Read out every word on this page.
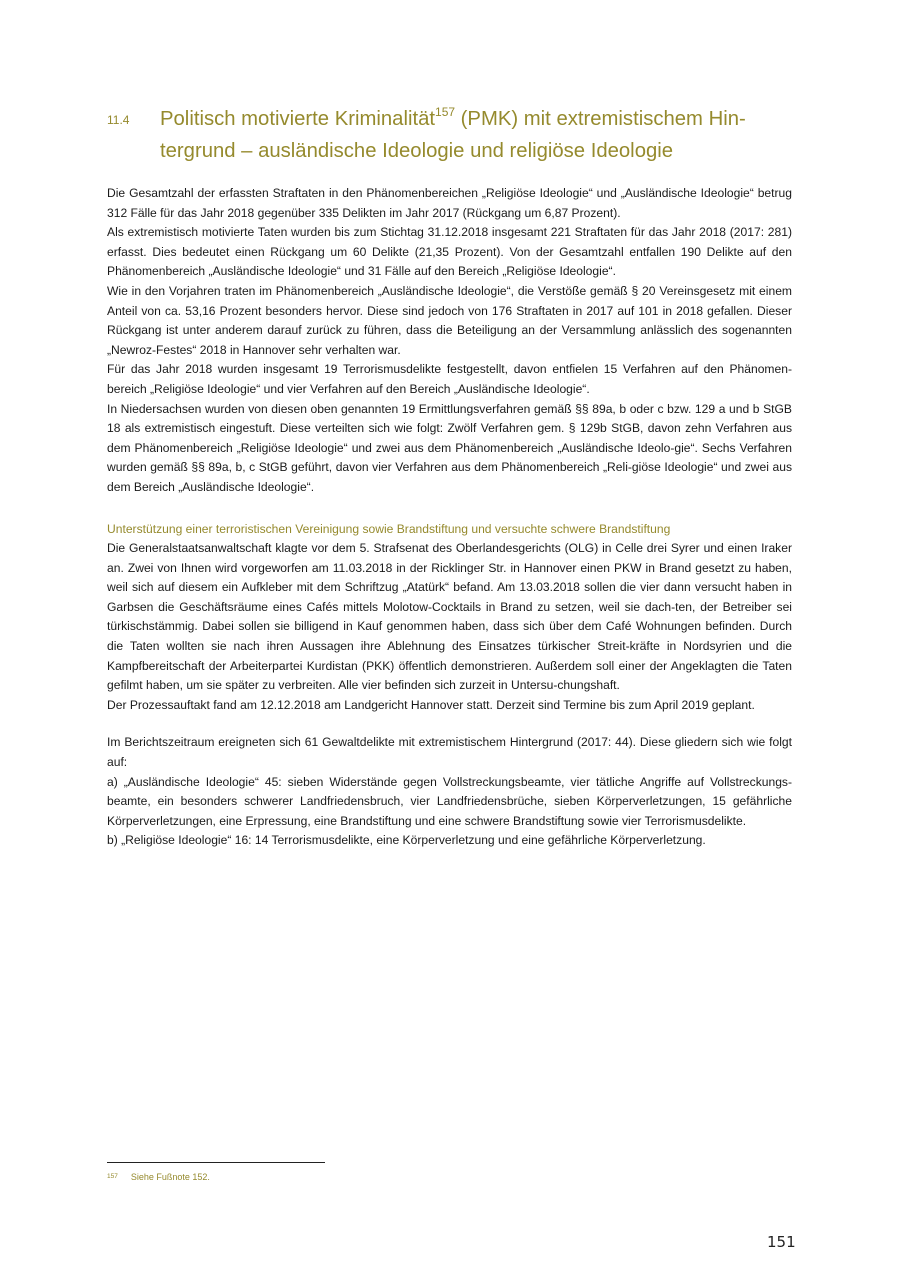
11.4 Politisch motivierte Kriminalität$^{157}$ (PMK) mit extremistischem Hin-tergrund – ausländische Ideologie und religiöse Ideologie

Die Gesamtzahl der erfassten Straftaten in den Phänomenbereichen „Religiöse Ideologie“ und „Ausländische Ideologie“ betrug 312 Fälle für das Jahr 2018 gegenüber 335 Delikten im Jahr 2017 (Rückgang um 6,87 Prozent).

Als extremistisch motivierte Taten wurden bis zum Stichtag 31.12.2018 insgesamt 221 Straftaten für das Jahr 2018 (2017: 281) erfasst. Dies bedeutet einen Rückgang um 60 Delikte (21,35 Prozent). Von der Gesamtzahl entfallen 190 Delikte auf den Phänomenbereich „Ausländische Ideologie“ und 31 Fälle auf den Bereich „Religiöse Ideologie“.

Wie in den Vorjahren traten im Phänomenbereich „Ausländische Ideologie“, die Verstöße gemäß § 20 Vereinsgesetz mit einem Anteil von ca. 53,16 Prozent besonders hervor. Diese sind jedoch von 176 Straftaten in 2017 auf 101 in 2018 gefallen. Dieser Rückgang ist unter anderem darauf zurück zu führen, dass die Beteiligung an der Versammlung anlässlich des sogenannten „Newroz-Festes“ 2018 in Hannover sehr verhalten war.

Für das Jahr 2018 wurden insgesamt 19 Terrorismusdelikte festgestellt, davon entfielen 15 Verfahren auf den Phänomen-bereich „Religiöse Ideologie“ und vier Verfahren auf den Bereich „Ausländische Ideologie“.

In Niedersachsen wurden von diesen oben genannten 19 Ermittlungsverfahren gemäß §§ 89a, b oder c bzw. 129 a und b StGB 18 als extremistisch eingestuft. Diese verteilten sich wie folgt: Zwölf Verfahren gem. § 129b StGB, davon zehn Verfahren aus dem Phänomenbereich „Religiöse Ideologie“ und zwei aus dem Phänomenbereich „Ausländische Ideolo-gie“. Sechs Verfahren wurden gemäß §§ 89a, b, c StGB geführt, davon vier Verfahren aus dem Phänomenbereich „Reli-giöse Ideologie“ und zwei aus dem Bereich „Ausländische Ideologie“.

Unterstützung einer terroristischen Vereinigung sowie Brandstiftung und versuchte schwere Brandstiftung

Die Generalstaatsanwaltschaft klagte vor dem 5. Strafsenat des Oberlandesgerichts (OLG) in Celle drei Syrer und einen Iraker an. Zwei von Ihnen wird vorgeworfen am 11.03.2018 in der Ricklinger Str. in Hannover einen PKW in Brand gesetzt zu haben, weil sich auf diesem ein Aufkleber mit dem Schriftzug „Atatürk“ befand. Am 13.03.2018 sollen die vier dann versucht haben in Garbsen die Geschäftsräume eines Cafés mittels Molotow-Cocktails in Brand zu setzen, weil sie dach-ten, der Betreiber sei türkischstämmig. Dabei sollen sie billigend in Kauf genommen haben, dass sich über dem Café Wohnungen befinden. Durch die Taten wollten sie nach ihren Aussagen ihre Ablehnung des Einsatzes türkischer Streit-kräfte in Nordsyrien und die Kampfbereitschaft der Arbeiterpartei Kurdistan (PKK) öffentlich demonstrieren. Außerdem soll einer der Angeklagten die Taten gefilmt haben, um sie später zu verbreiten. Alle vier befinden sich zurzeit in Untersu-chungshaft.

Der Prozessauftakt fand am 12.12.2018 am Landgericht Hannover statt. Derzeit sind Termine bis zum April 2019 geplant.

Im Berichtszeitraum ereigneten sich 61 Gewaltdelikte mit extremistischem Hintergrund (2017: 44). Diese gliedern sich wie folgt auf:

a) „Ausländische Ideologie“ 45: sieben Widerstände gegen Vollstreckungsbeamte, vier tätliche Angriffe auf Vollstreckungs-beamte, ein besonders schwerer Landfriedensbruch, vier Landfriedensbrüche, sieben Körperverletzungen, 15 gefährliche Körperverletzungen, eine Erpressung, eine Brandstiftung und eine schwere Brandstiftung sowie vier Terrorismusdelikte.

b) „Religiöse Ideologie“ 16: 14 Terrorismusdelikte, eine Körperverletzung und eine gefährliche Körperverletzung.

$^{157}$ Siehe Fußnote 152.
151
